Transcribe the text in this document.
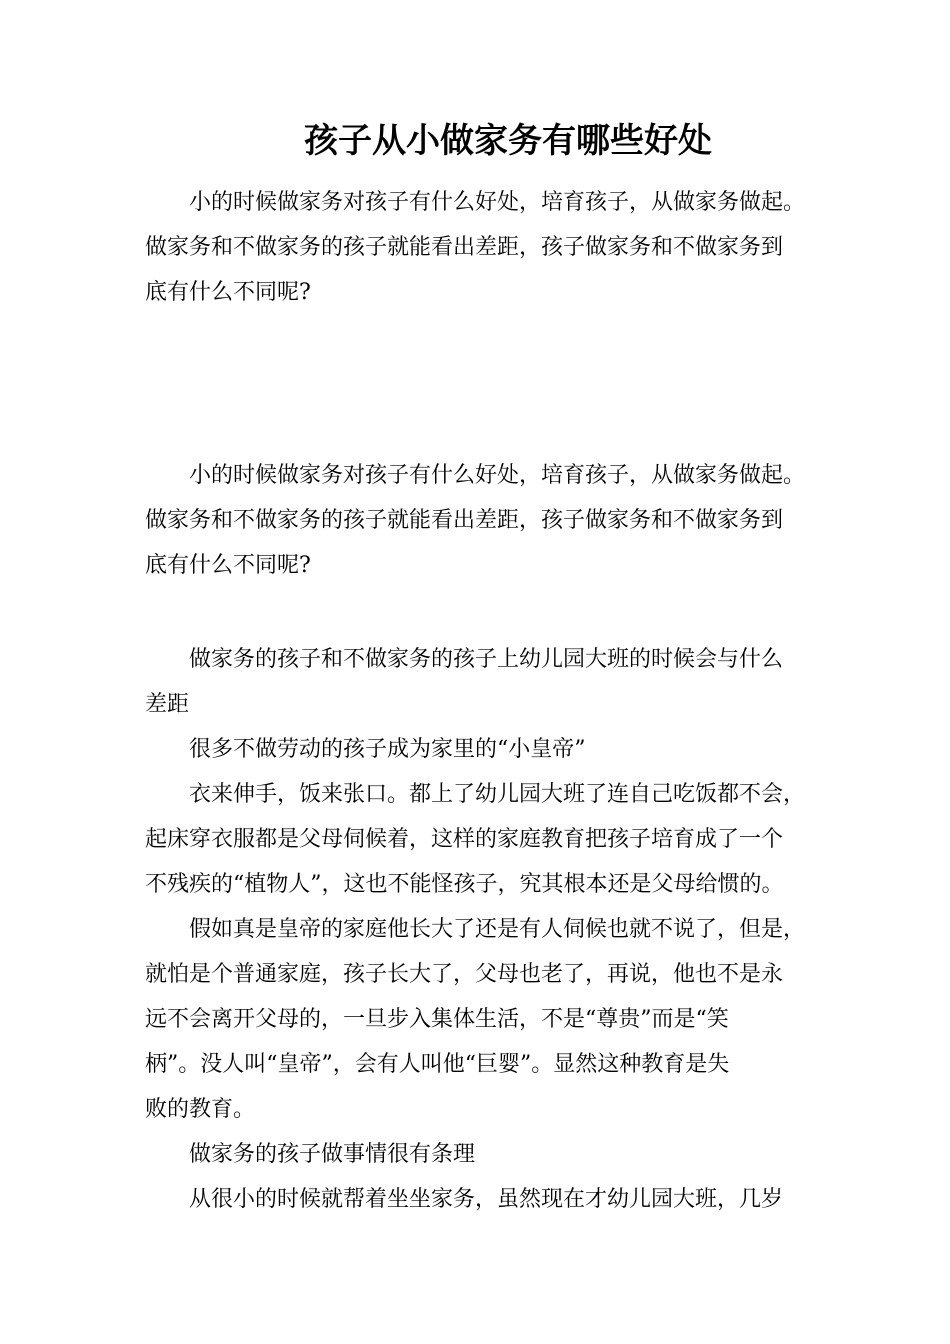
孩子从小做家务有哪些好处
小的时候做家务对孩子有什么好处，培育孩子，从做家务做起。
做家务和不做家务的孩子就能看出差距，孩子做家务和不做家务到
底有什么不同呢?
小的时候做家务对孩子有什么好处，培育孩子，从做家务做起。
做家务和不做家务的孩子就能看出差距，孩子做家务和不做家务到
底有什么不同呢?
做家务的孩子和不做家务的孩子上幼儿园大班的时候会与什么
差距
很多不做劳动的孩子成为家里的“小皇帝”
衣来伸手，饭来张口。都上了幼儿园大班了连自己吃饭都不会，
起床穿衣服都是父母伺候着，这样的家庭教育把孩子培育成了一个
不残疾的“植物人”，这也不能怪孩子，究其根本还是父母给惯的。
假如真是皇帝的家庭他长大了还是有人伺候也就不说了，但是，
就怕是个普通家庭，孩子长大了，父母也老了，再说，他也不是永
远不会离开父母的，一旦步入集体生活，不是“尊贵”而是“笑
柄”。没人叫“皇帝”，会有人叫他“巨婴”。显然这种教育是失
败的教育。
做家务的孩子做事情很有条理
从很小的时候就帮着坐坐家务，虽然现在才幼儿园大班，几岁
